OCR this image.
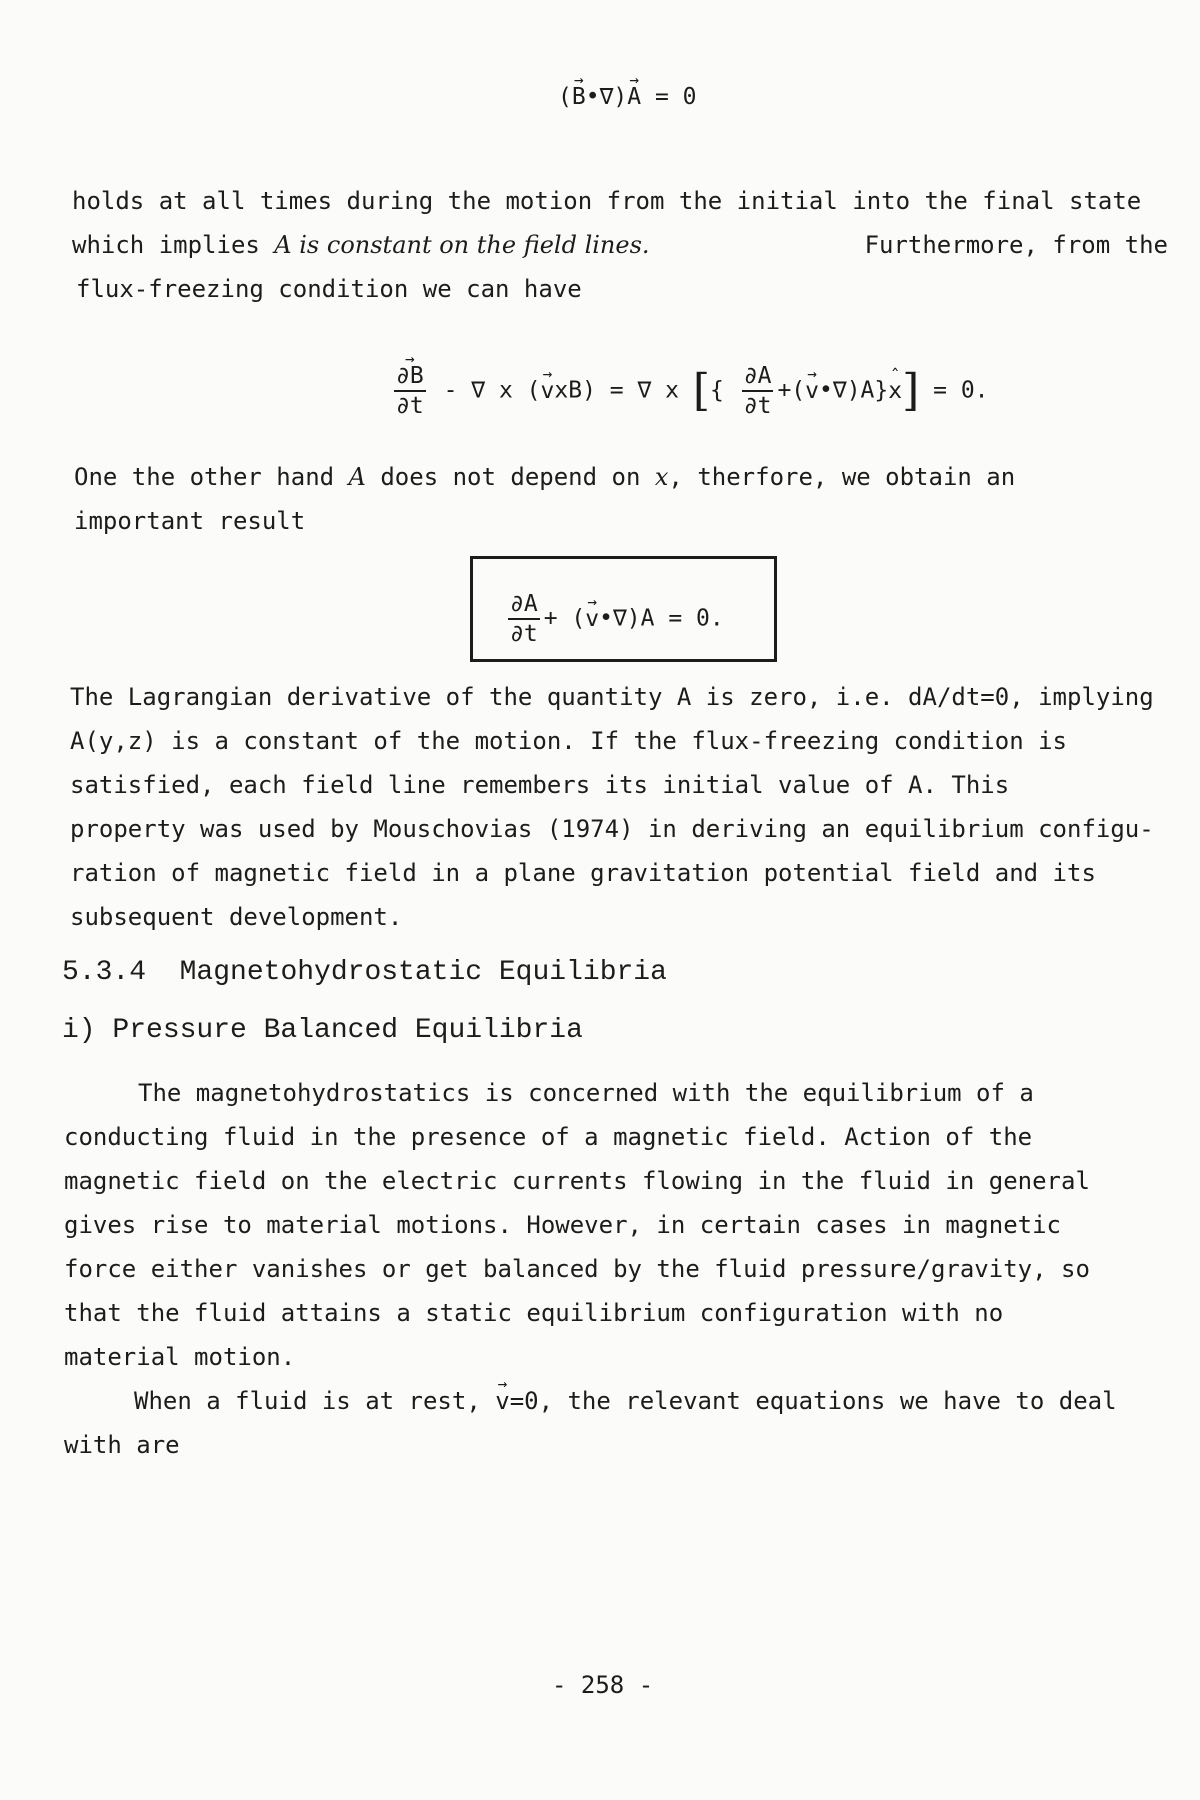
(→ B•∇)→ A = 0
holds at all times during the motion from the initial into the final state
which implies A is constant on the field lines.	Furthermore, from the
flux-freezing condition we can have
→ $\frac{\partial B}{\partial t}$ - ∇ x (→ vxB) = ∇ x [{ $\frac{\partial A}{\partial t}$ +(→ v•∇)A}ˆ x] = 0.
One the other hand A does not depend on x, therfore, we obtain an
important result
$\frac{\partial A}{\partial t}$ + (→ v•∇)A = 0.
The Lagrangian derivative of the quantity A is zero, i.e. dA/dt=0, implying
A(y,z) is a constant of the motion. If the flux-freezing condition is
satisfied, each field line remembers its initial value of A. This
property was used by Mouschovias (1974) in deriving an equilibrium configu-
ration of magnetic field in a plane gravitation potential field and its
subsequent development.
5.3.4 Magnetohydrostatic Equilibria
i) Pressure Balanced Equilibria
The magnetohydrostatics is concerned with the equilibrium of a
conducting fluid in the presence of a magnetic field. Action of the
magnetic field on the electric currents flowing in the fluid in general
gives rise to material motions. However, in certain cases in magnetic
force either vanishes or get balanced by the fluid pressure/gravity, so
that the fluid attains a static equilibrium configuration with no
material motion.
When a fluid is at rest, → v=0, the relevant equations we have to deal
with are
- 258 -
